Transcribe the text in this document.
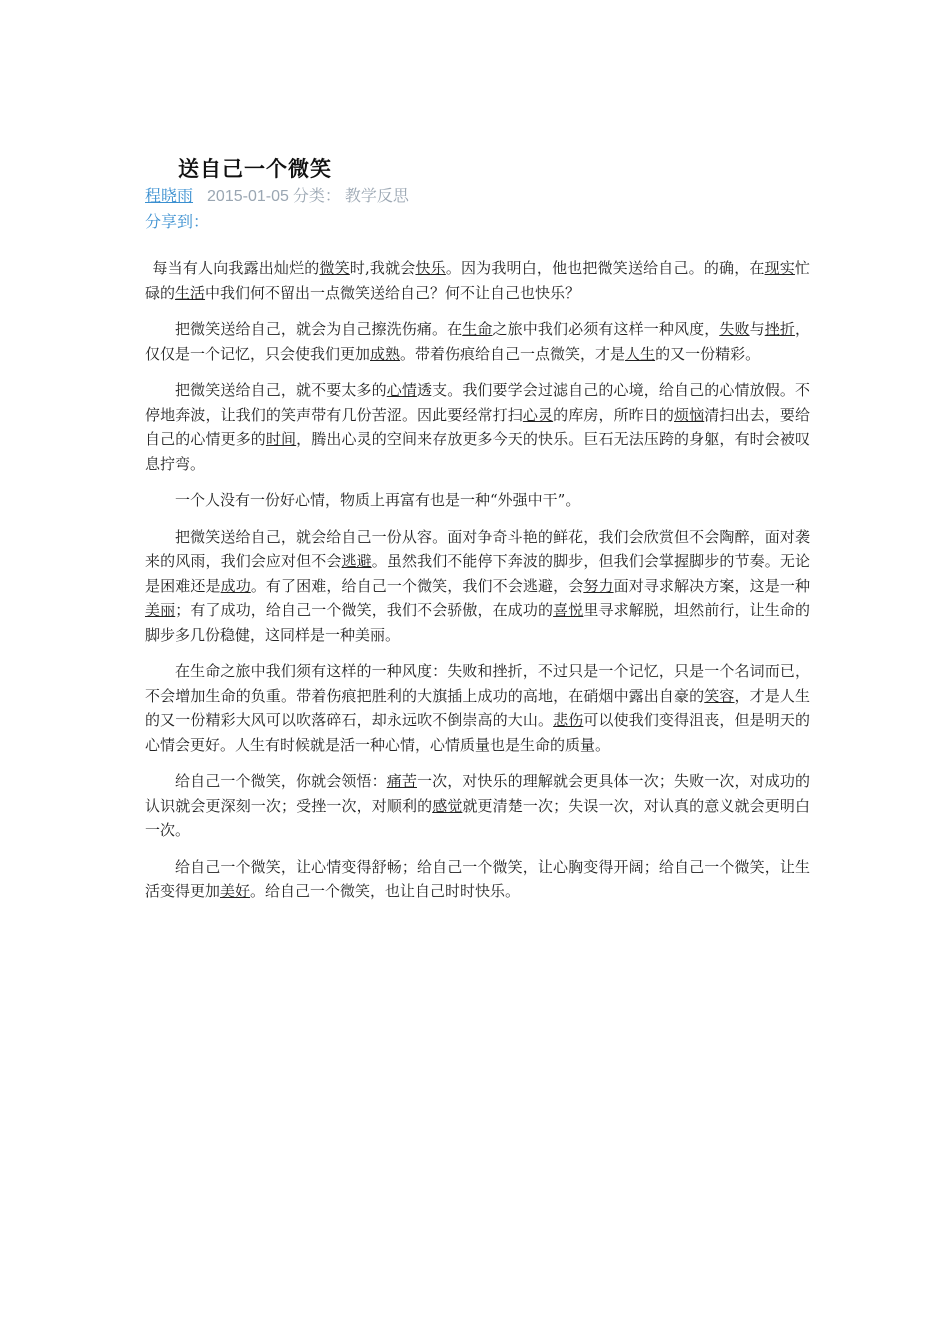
送自己一个微笑
程晓雨 2015-01-05 分类： 教学反思
分享到：

每当有人向我露出灿烂的微笑时,我就会快乐。因为我明白，他也把微笑送给自己。的确，在现实忙碌的生活中我们何不留出一点微笑送给自己？何不让自己也快乐？

把微笑送给自己，就会为自己擦洗伤痛。在生命之旅中我们必须有这样一种风度，失败与挫折，仅仅是一个记忆，只会使我们更加成熟。带着伤痕给自己一点微笑，才是人生的又一份精彩。

把微笑送给自己，就不要太多的心情透支。我们要学会过滤自己的心境，给自己的心情放假。不停地奔波，让我们的笑声带有几份苦涩。因此要经常打扫心灵的库房，所昨日的烦恼清扫出去，要给自己的心情更多的时间，腾出心灵的空间来存放更多今天的快乐。巨石无法压跨的身躯，有时会被叹息拧弯。

一个人没有一份好心情，物质上再富有也是一种“外强中干”。

把微笑送给自己，就会给自己一份从容。面对争奇斗艳的鲜花，我们会欣赏但不会陶醉，面对袭来的风雨，我们会应对但不会逃避。虽然我们不能停下奔波的脚步，但我们会掌握脚步的节奏。无论是困难还是成功。有了困难，给自己一个微笑，我们不会逃避，会努力面对寻求解决方案，这是一种美丽；有了成功，给自己一个微笑，我们不会骄傲，在成功的喜悦里寻求解脱，坦然前行，让生命的脚步多几份稳健，这同样是一种美丽。

在生命之旅中我们须有这样的一种风度：失败和挫折，不过只是一个记忆，只是一个名词而已，不会增加生命的负重。带着伤痕把胜利的大旗插上成功的高地，在硝烟中露出自豪的笑容，才是人生的又一份精彩大风可以吹落碎石，却永远吹不倒崇高的大山。悲伤可以使我们变得沮丧，但是明天的心情会更好。人生有时候就是活一种心情，心情质量也是生命的质量。

给自己一个微笑，你就会领悟：痛苦一次，对快乐的理解就会更具体一次；失败一次，对成功的认识就会更深刻一次；受挫一次，对顺利的感觉就更清楚一次；失误一次，对认真的意义就会更明白一次。

给自己一个微笑，让心情变得舒畅；给自己一个微笑，让心胸变得开阔；给自己一个微笑，让生活变得更加美好。给自己一个微笑，也让自己时时快乐。
